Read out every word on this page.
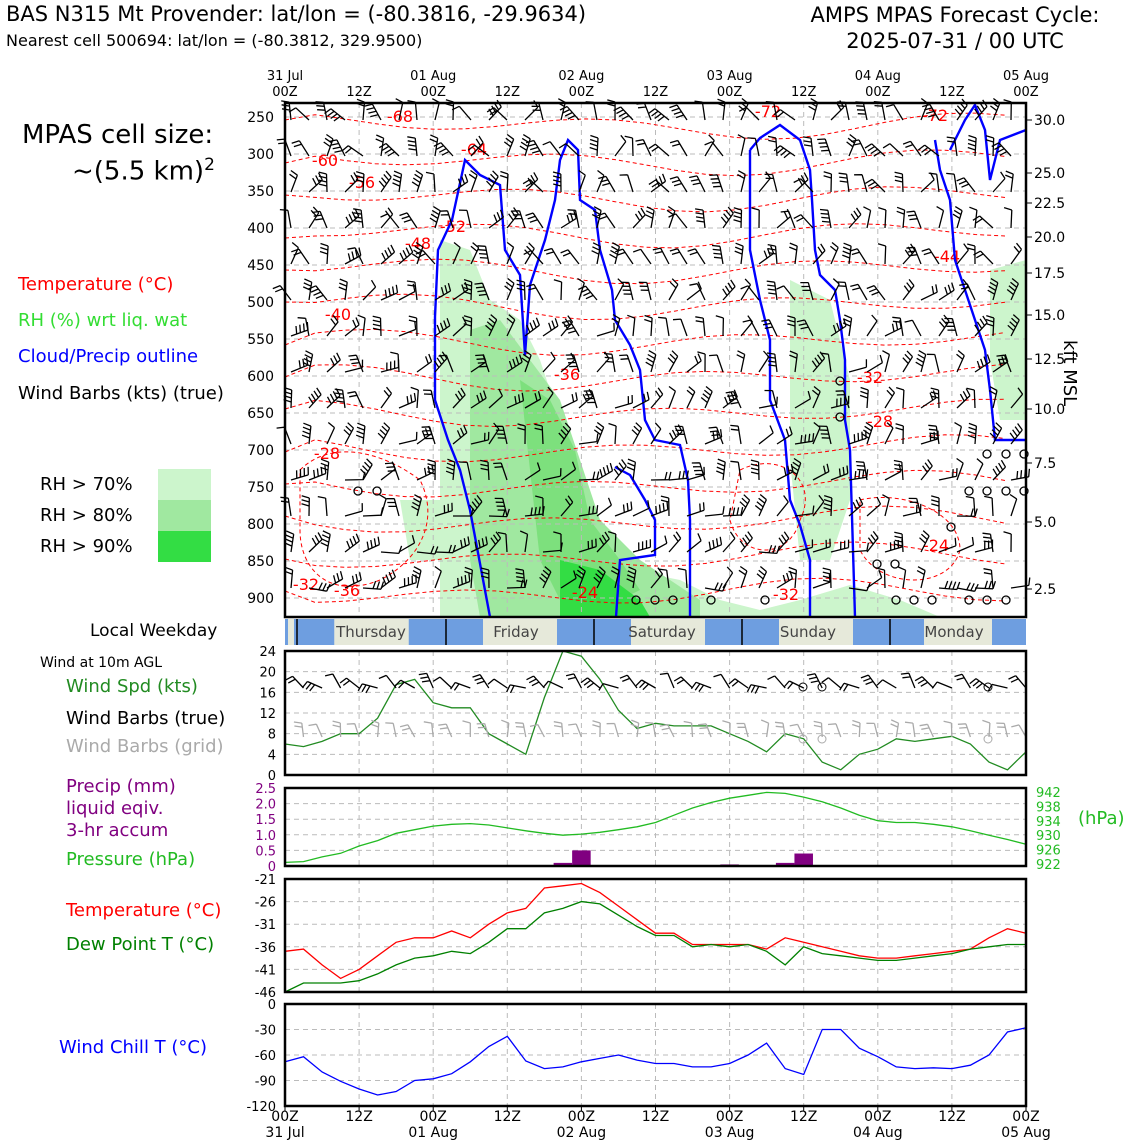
BAS N315 Mt Provender: lat/lon = (-80.3816, -29.9634)
Nearest cell 500694: lat/lon = (-80.3812, 329.9500)
AMPS MPAS Forecast Cycle:
2025-07-31 / 00 UTC
MPAS cell size:
~(5.5 km)$^2$
Temperature (°C)
RH (%) wrt liq. wat
Cloud/Precip outline
Wind Barbs (kts) (true)
RH > 70%
RH > 80%
RH > 90%
Local Weekday
Wind at 10m AGL
Wind Spd (kts)
Wind Barbs (true)
Wind Barbs (grid)
Precip (mm)
liquid eqiv.
3-hr accum
Pressure (hPa)
(hPa)
Temperature (°C)
Dew Point T (°C)
Wind Chill T (°C)
kft MSL
250
300
350
400
450
500
550
600
650
700
750
800
850
900
30.0
25.0
22.5
20.0
17.5
15.0
12.5
10.0
7.5
5.0
2.5
-68	-72	-72
-64
-60
-56
-52
-48
-44
-40
-36	-32
-28
-28
-24
-24
-32 -36	-32
31 Jul
00Z	12Z
01 Aug
00Z	12Z
02 Aug
00Z	12Z
03 Aug
00Z	12Z
04 Aug
00Z	12Z
05 Aug
00Z
Thursday	Friday	Saturday	Sunday	Monday
0
4
8
12
16
20
24
0
0.5
1.0
1.5
2.0
2.5
922
926
930
934
938
942
-46
-41
-36
-31
-26
-21
-120
-90
-60
-30
0
00Z
31 Jul
12Z	00Z
01 Aug
12Z	00Z
02 Aug
12Z	00Z
03 Aug
12Z	00Z
04 Aug
12Z	00Z
05 Aug
